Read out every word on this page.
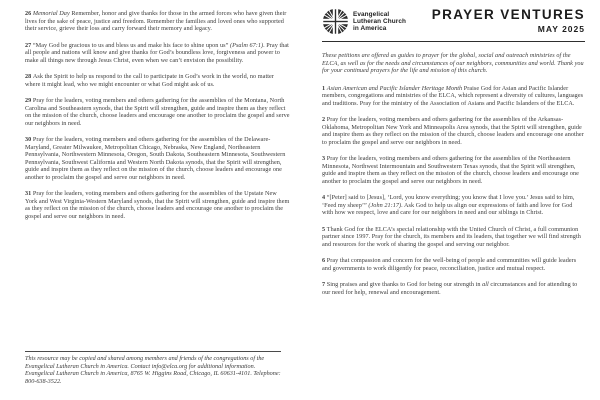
26 Memorial Day Remember, honor and give thanks for those in the armed forces who have given their lives for the sake of peace, justice and freedom. Remember the families and loved ones who supported their service, grieve their loss and carry forward their memory and legacy.

27 “May God be gracious to us and bless us and make his face to shine upon us” (Psalm 67:1). Pray that all people and nations will know and give thanks for God’s boundless love, forgiveness and power to make all things new through Jesus Christ, even when we can’t envision the possibility.

28 Ask the Spirit to help us respond to the call to participate in God’s work in the world, no matter where it might lead, who we might encounter or what God might ask of us.

29 Pray for the leaders, voting members and others gathering for the assemblies of the Montana, North Carolina and Southeastern synods, that the Spirit will strengthen, guide and inspire them as they reflect on the mission of the church, choose leaders and encourage one another to proclaim the gospel and serve our neighbors in need.

30 Pray for the leaders, voting members and others gathering for the assemblies of the Delaware-Maryland, Greater Milwaukee, Metropolitan Chicago, Nebraska, New England, Northeastern Pennsylvania, Northwestern Minnesota, Oregon, South Dakota, Southeastern Minnesota, Southwestern Pennsylvania, Southwest California and Western North Dakota synods, that the Spirit will strengthen, guide and inspire them as they reflect on the mission of the church, choose leaders and encourage one another to proclaim the gospel and serve our neighbors in need.

31 Pray for the leaders, voting members and others gathering for the assemblies of the Upstate New York and West Virginia-Western Maryland synods, that the Spirit will strengthen, guide and inspire them as they reflect on the mission of the church, choose leaders and encourage one another to proclaim the gospel and serve our neighbors in need.

This resource may be copied and shared among members and friends of the congregations of the Evangelical Lutheran Church in America. Contact info@elca.org for additional information. Evangelical Lutheran Church in America, 8765 W. Higgins Road, Chicago, IL 60631-4101. Telephone: 800-638-3522.

Evangelical
Lutheran Church
in America
PRAYER VENTURES
MAY 2025

These petitions are offered as guides to prayer for the global, social and outreach ministries of the ELCA, as well as for the needs and circumstances of our neighbors, communities and world. Thank you for your continued prayers for the life and mission of this church.

1 Asian American and Pacific Islander Heritage Month Praise God for Asian and Pacific Islander members, congregations and ministries of the ELCA, which represent a diversity of cultures, languages and traditions. Pray for the ministry of the Association of Asians and Pacific Islanders of the ELCA.

2 Pray for the leaders, voting members and others gathering for the assemblies of the Arkansas-Oklahoma, Metropolitan New York and Minneapolis Area synods, that the Spirit will strengthen, guide and inspire them as they reflect on the mission of the church, choose leaders and encourage one another to proclaim the gospel and serve our neighbors in need.

3 Pray for the leaders, voting members and others gathering for the assemblies of the Northeastern Minnesota, Northwest Intermountain and Southwestern Texas synods, that the Spirit will strengthen, guide and inspire them as they reflect on the mission of the church, choose leaders and encourage one another to proclaim the gospel and serve our neighbors in need.

4 “[Peter] said to [Jesus], ‘Lord, you know everything; you know that I love you.’ Jesus said to him, ‘Feed my sheep’” (John 21:17). Ask God to help us align our expressions of faith and love for God with how we respect, love and care for our neighbors in need and our siblings in Christ.

5 Thank God for the ELCA’s special relationship with the United Church of Christ, a full communion partner since 1997. Pray for the church, its members and its leaders, that together we will find strength and resources for the work of sharing the gospel and serving our neighbor.

6 Pray that compassion and concern for the well-being of people and communities will guide leaders and governments to work diligently for peace, reconciliation, justice and mutual respect.

7 Sing praises and give thanks to God for being our strength in all circumstances and for attending to our need for help, renewal and encouragement.
